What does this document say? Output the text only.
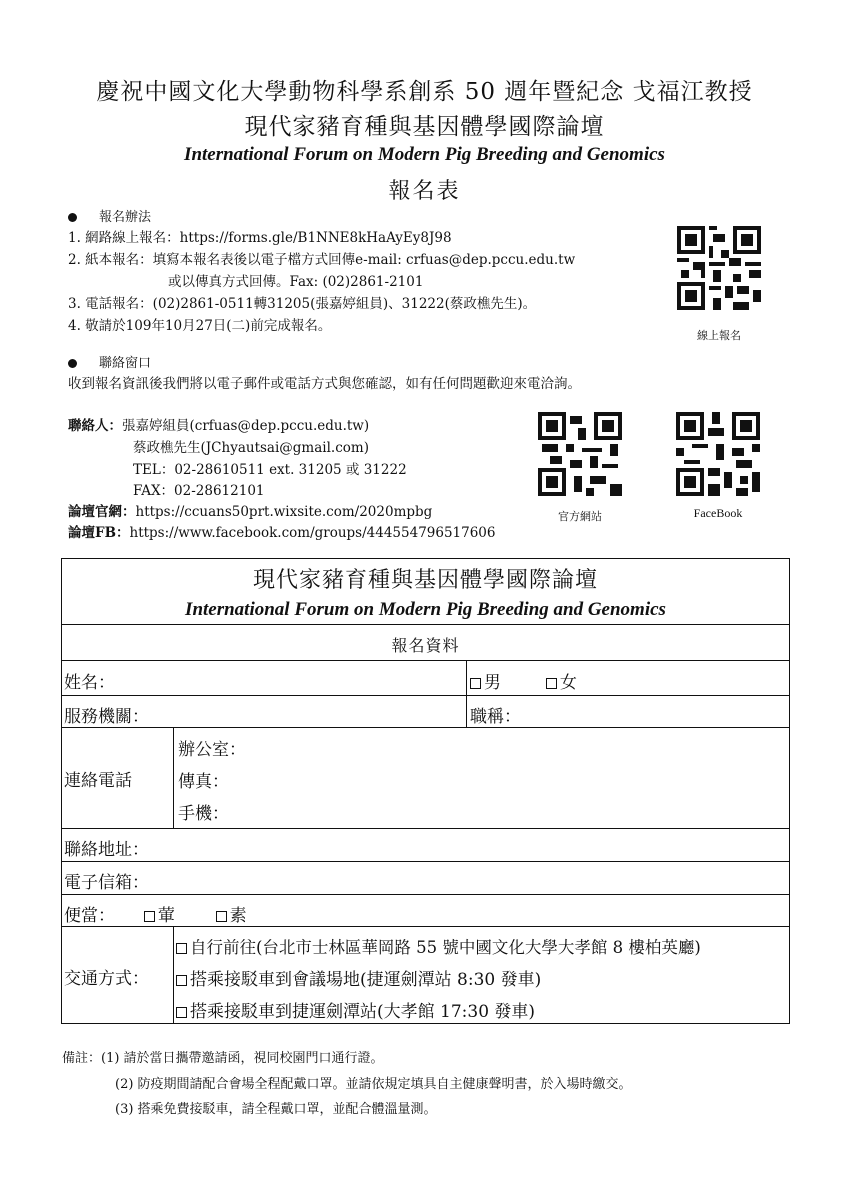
慶祝中國文化大學動物科學系創系 50 週年暨紀念 戈福江教授
現代家豬育種與基因體學國際論壇
International Forum on Modern Pig Breeding and Genomics
報名表
報名辦法
1. 網路線上報名：https://forms.gle/B1NNE8kHaAyEy8J98
2. 紙本報名：填寫本報名表後以電子檔方式回傳e-mail: crfuas@dep.pccu.edu.tw
或以傳真方式回傳。Fax: (02)2861-2101
3. 電話報名：(02)2861-0511轉31205(張嘉婷組員)、31222(蔡政樵先生)。
4. 敬請於109年10月27日(二)前完成報名。
線上報名
聯絡窗口
收到報名資訊後我們將以電子郵件或電話方式與您確認，如有任何問題歡迎來電洽詢。
聯絡人：張嘉婷組員(crfuas@dep.pccu.edu.tw)
蔡政樵先生(JChyautsai@gmail.com)
TEL：02-28610511 ext. 31205 或 31222
FAX：02-28612101
論壇官網：https://ccuans50prt.wixsite.com/2020mpbg
論壇FB：https://www.facebook.com/groups/444554796517606
官方網站	FaceBook
現代家豬育種與基因體學國際論壇
International Forum on Modern Pig Breeding and Genomics
報名資料
姓名：	男	女
服務機關：	職稱：
連絡電話
辦公室：
傳真：
手機：
聯絡地址：
電子信箱：
便當：	葷	素
交通方式：
自行前往(台北市士林區華岡路 55 號中國文化大學大孝館 8 樓柏英廳)
搭乘接駁車到會議場地(捷運劍潭站 8:30 發車)
搭乘接駁車到捷運劍潭站(大孝館 17:30 發車)
備註：(1) 請於當日攜帶邀請函，視同校園門口通行證。
(2) 防疫期間請配合會場全程配戴口罩。並請依規定填具自主健康聲明書，於入場時繳交。
(3) 搭乘免費接駁車，請全程戴口罩，並配合體溫量測。
